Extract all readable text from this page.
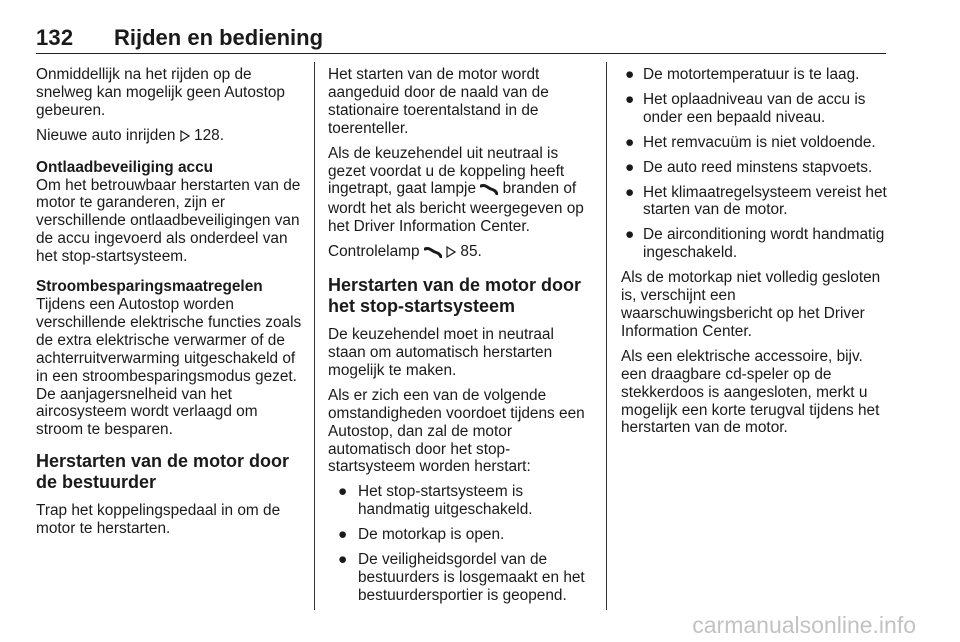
132 Rijden en bediening

Onmiddellijk na het rijden op de snelweg kan mogelijk geen Autostop gebeuren.

Nieuwe auto inrijden 128.

Ontlaadbeveiliging accu
Om het betrouwbaar herstarten van de motor te garanderen, zijn er verschillende ontlaadbeveiligingen van de accu ingevoerd als onderdeel van het stop-startsysteem.

Stroombesparingsmaatregelen
Tijdens een Autostop worden verschillende elektrische functies zoals de extra elektrische verwarmer of de achterruitverwarming uitgeschakeld of in een stroombesparingsmodus gezet. De aanjagersnelheid van het aircosysteem wordt verlaagd om stroom te besparen.

Herstarten van de motor door de bestuurder

Trap het koppelingspedaal in om de motor te herstarten.

Het starten van de motor wordt aangeduid door de naald van de stationaire toerentalstand in de toerenteller.

Als de keuzehendel uit neutraal is gezet voordat u de koppeling heeft ingetrapt, gaat lampje branden of wordt het als bericht weergegeven op het Driver Information Center.

Controlelamp	85.

Herstarten van de motor door het stop-startsysteem

De keuzehendel moet in neutraal staan om automatisch herstarten mogelijk te maken.

Als er zich een van de volgende omstandigheden voordoet tijdens een Autostop, dan zal de motor automatisch door het stop-startsysteem worden herstart:

● Het stop-startsysteem is handmatig uitgeschakeld.
● De motorkap is open.
● De veiligheidsgordel van de bestuurders is losgemaakt en het bestuurdersportier is geopend.
● De motortemperatuur is te laag.
● Het oplaadniveau van de accu is onder een bepaald niveau.
● Het remvacuüm is niet voldoende.
● De auto reed minstens stapvoets.
● Het klimaatregelsysteem vereist het starten van de motor.
● De airconditioning wordt handmatig ingeschakeld.

Als de motorkap niet volledig gesloten is, verschijnt een waarschuwingsbericht op het Driver Information Center.

Als een elektrische accessoire, bijv. een draagbare cd-speler op de stekkerdoos is aangesloten, merkt u mogelijk een korte terugval tijdens het herstarten van de motor.

carmanualsonline.info
